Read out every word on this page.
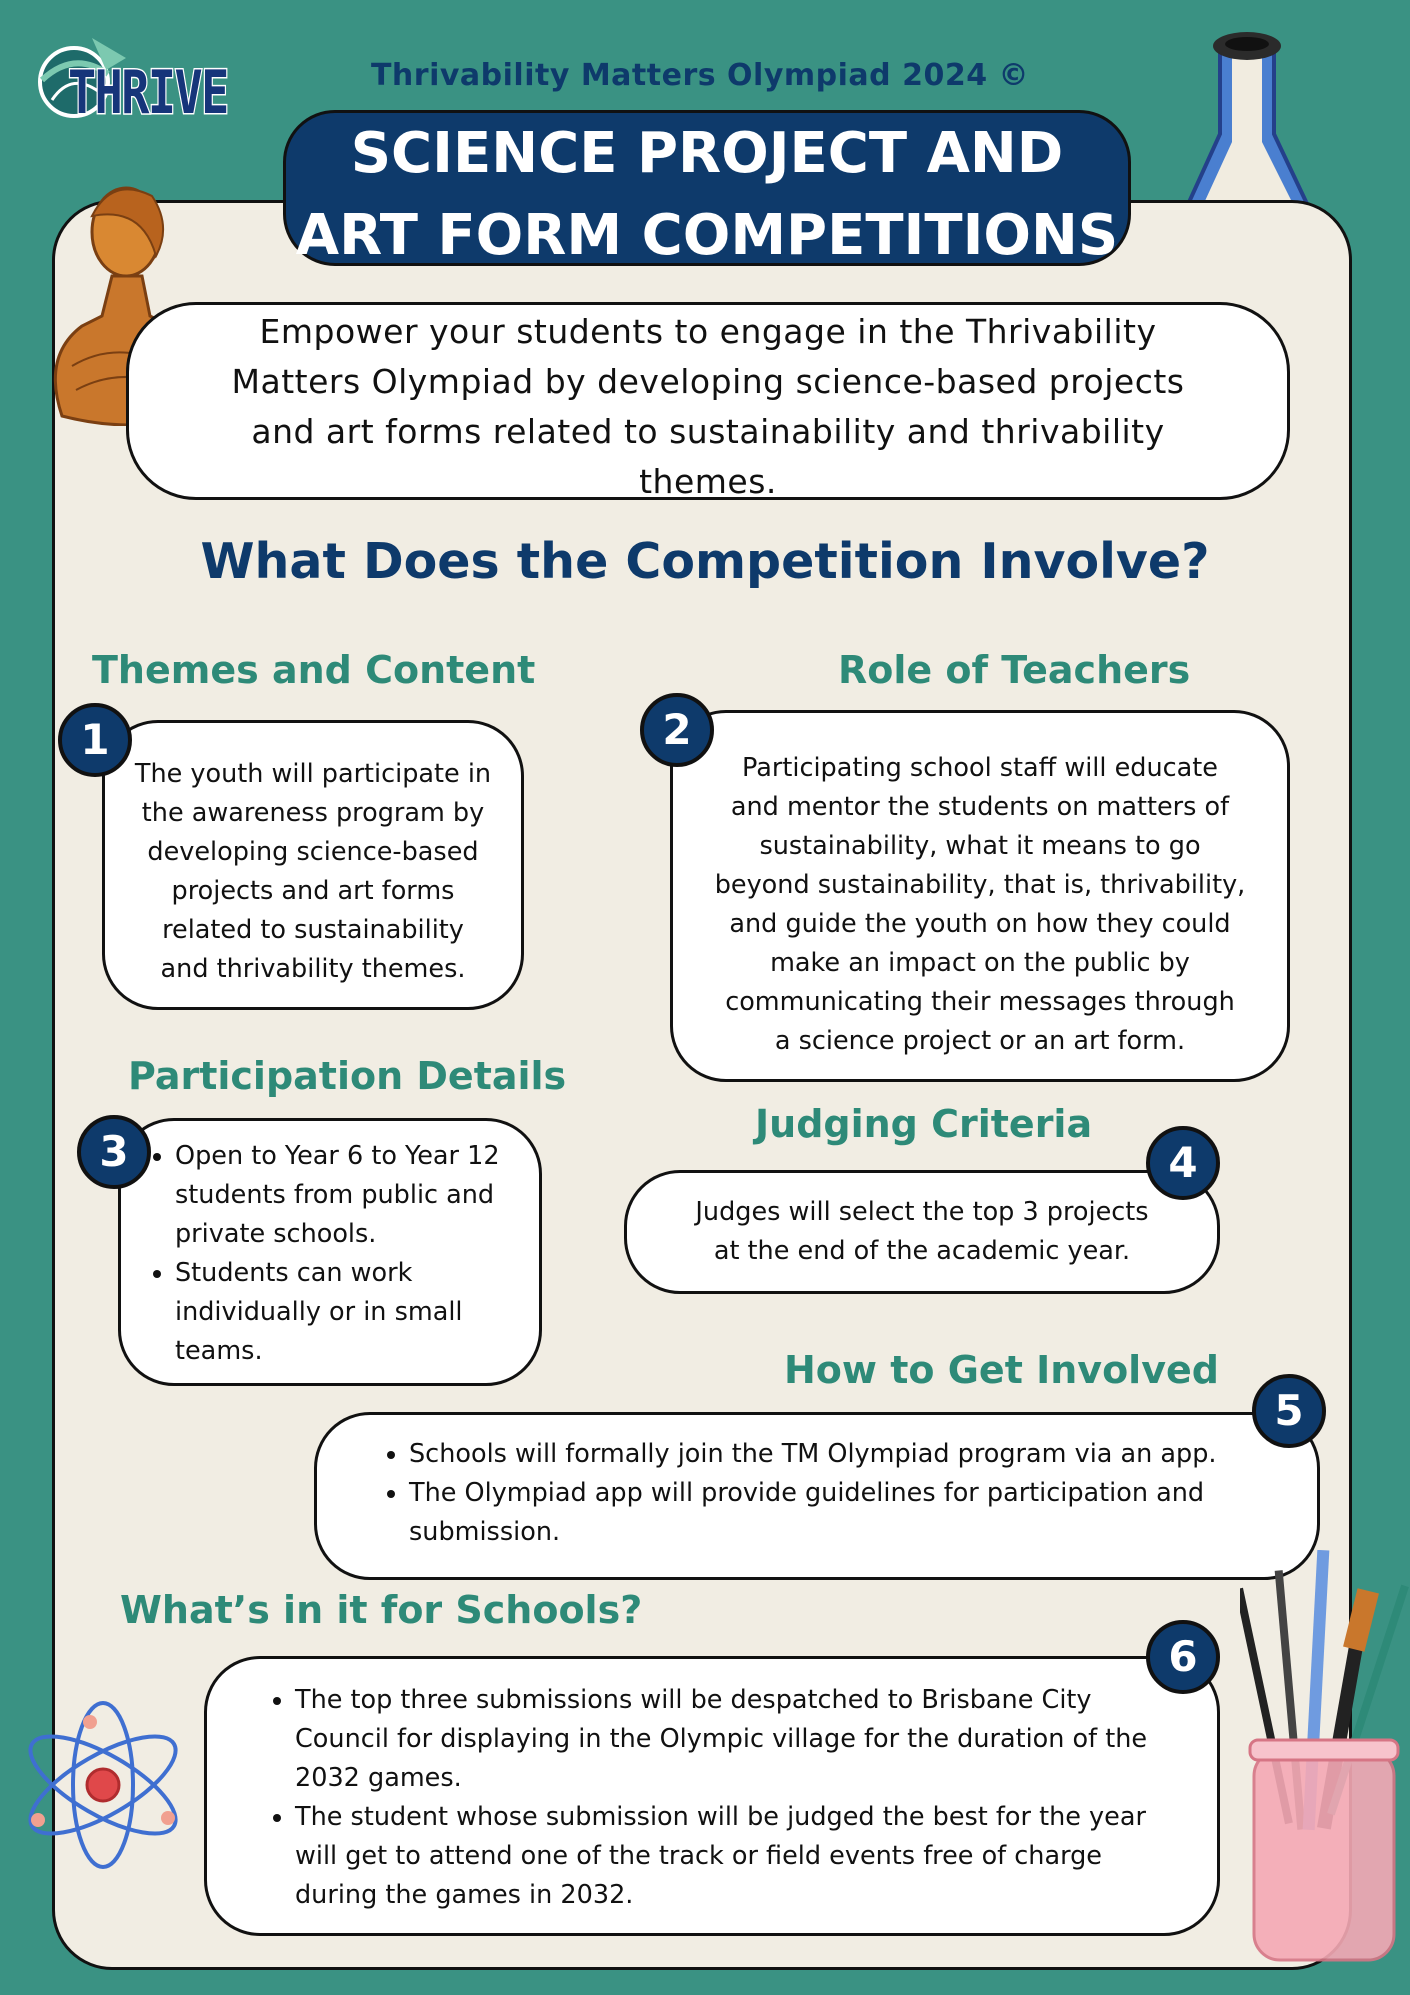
THRIVE	Thrivability Matters Olympiad 2024 ©
SCIENCE PROJECT AND
ART FORM COMPETITIONS
Empower your students to engage in the Thrivability
Matters Olympiad by developing science-based projects
and art forms related to sustainability and thrivability
themes.
What Does the Competition Involve?
Themes and Content
The youth will participate in
the awareness program by
developing science-based
projects and art forms
related to sustainability
and thrivability themes.
1
Role of Teachers
Participating school staff will educate
and mentor the students on matters of
sustainability, what it means to go
beyond sustainability, that is, thrivability,
and guide the youth on how they could
make an impact on the public by
communicating their messages through
a science project or an art form.
2
Participation Details
• Open to Year 6 to Year 12 students from public and private schools.
• Students can work individually or in small teams.
3
Judging Criteria
Judges will select the top 3 projects
at the end of the academic year.
4
How to Get Involved
• Schools will formally join the TM Olympiad program via an app.
• The Olympiad app will provide guidelines for participation and submission.
5
What’s in it for Schools?
• The top three submissions will be despatched to Brisbane City Council for displaying in the Olympic village for the duration of the 2032 games.
• The student whose submission will be judged the best for the year will get to attend one of the track or field events free of charge during the games in 2032.
6
